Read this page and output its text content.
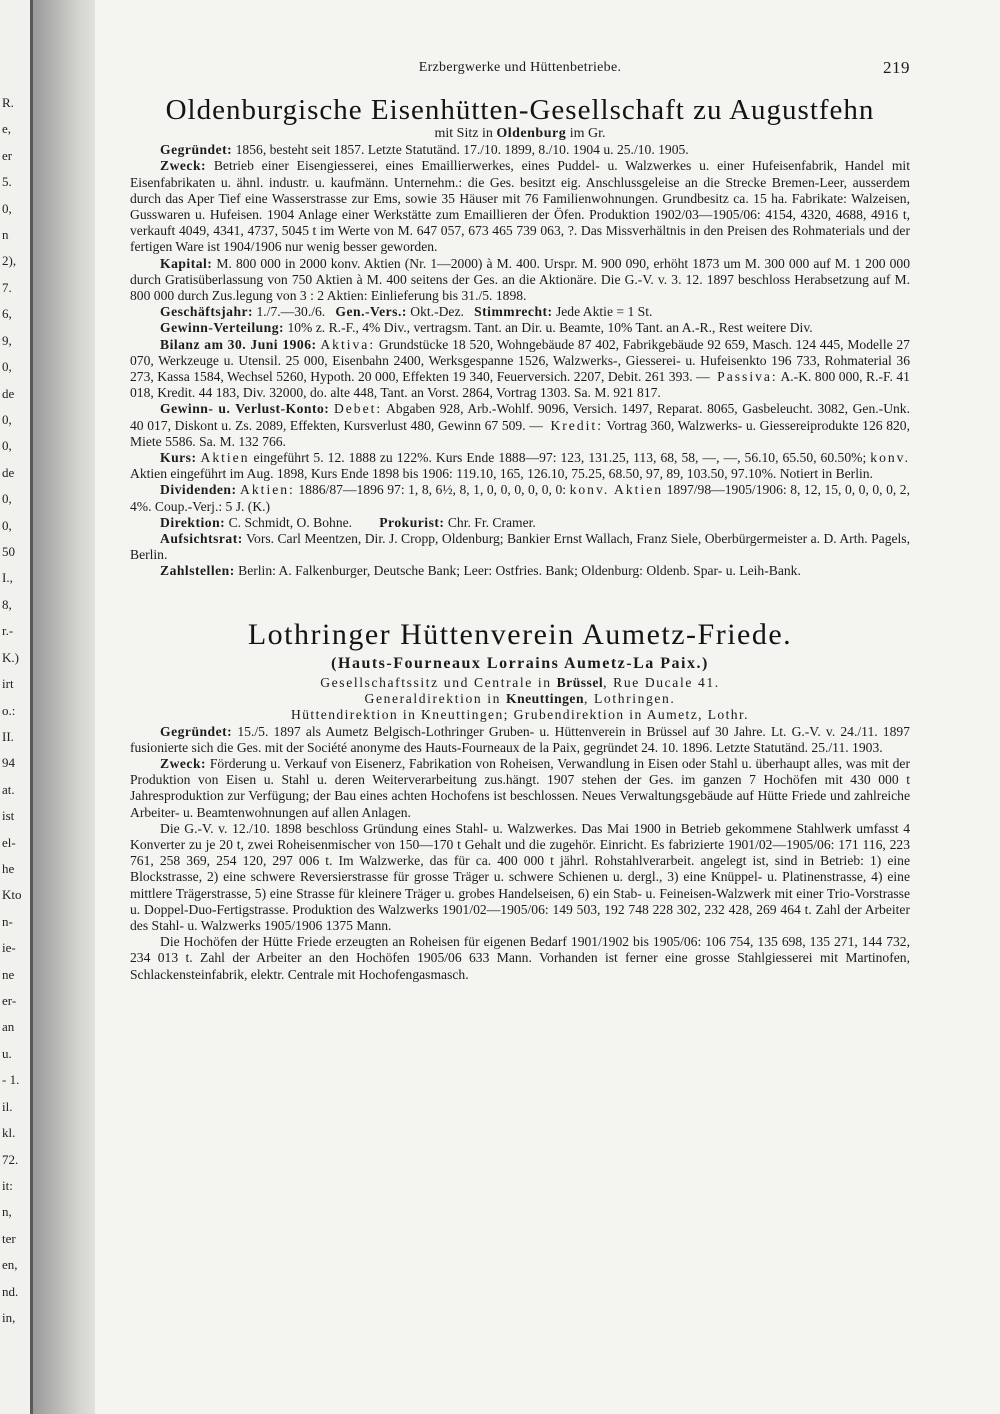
R.
e,
er
5.
0,
n
2),
7.
6,
9,
0,
de
0,
0,
de
0,
0,
50
I.,
8,
r.-
K.)
irt
o.:
II.
94
at.
ist
el-
he
Kto
n-
ie-
ne
er-
an
u.
- 1.
il.
kl.
72.
it:
n,
ter
en,
nd.
in,
Erzbergwerke und Hüttenbetriebe.	219
Oldenburgische Eisenhütten-Gesellschaft zu Augustfehn
mit Sitz in Oldenburg im Gr.

Gegründet: 1856, besteht seit 1857. Letzte Statutänd. 17./10. 1899, 8./10. 1904 u. 25./10. 1905.

Zweck: Betrieb einer Eisengiesserei, eines Emaillierwerkes, eines Puddel- u. Walzwerkes u. einer Hufeisenfabrik, Handel mit Eisenfabrikaten u. ähnl. industr. u. kaufmänn. Unternehm.: die Ges. besitzt eig. Anschlussgeleise an die Strecke Bremen-Leer, ausserdem durch das Aper Tief eine Wasserstrasse zur Ems, sowie 35 Häuser mit 76 Familienwohnungen. Grundbesitz ca. 15 ha. Fabrikate: Walzeisen, Gusswaren u. Hufeisen. 1904 Anlage einer Werkstätte zum Emaillieren der Öfen. Produktion 1902/03—1905/06: 4154, 4320, 4688, 4916 t, verkauft 4049, 4341, 4737, 5045 t im Werte von M. 647 057, 673 465 739 063, ?. Das Missverhältnis in den Preisen des Rohmaterials und der fertigen Ware ist 1904/1906 nur wenig besser geworden.

Kapital: M. 800 000 in 2000 konv. Aktien (Nr. 1—2000) à M. 400. Urspr. M. 900 090, erhöht 1873 um M. 300 000 auf M. 1 200 000 durch Gratisüberlassung von 750 Aktien à M. 400 seitens der Ges. an die Aktionäre. Die G.-V. v. 3. 12. 1897 beschloss Herabsetzung auf M. 800 000 durch Zus.legung von 3 : 2 Aktien: Einlieferung bis 31./5. 1898.

Geschäftsjahr: 1./7.—30./6. Gen.-Vers.: Okt.-Dez. Stimmrecht: Jede Aktie = 1 St.

Gewinn-Verteilung: 10% z. R.-F., 4% Div., vertragsm. Tant. an Dir. u. Beamte, 10% Tant. an A.-R., Rest weitere Div.

Bilanz am 30. Juni 1906: Aktiva: Grundstücke 18 520, Wohngebäude 87 402, Fabrikgebäude 92 659, Masch. 124 445, Modelle 27 070, Werkzeuge u. Utensil. 25 000, Eisenbahn 2400, Werksgespanne 1526, Walzwerks-, Giesserei- u. Hufeisenkto 196 733, Rohmaterial 36 273, Kassa 1584, Wechsel 5260, Hypoth. 20 000, Effekten 19 340, Feuerversich. 2207, Debit. 261 393. — Passiva: A.-K. 800 000, R.-F. 41 018, Kredit. 44 183, Div. 32000, do. alte 448, Tant. an Vorst. 2864, Vortrag 1303. Sa. M. 921 817.

Gewinn- u. Verlust-Konto: Debet: Abgaben 928, Arb.-Wohlf. 9096, Versich. 1497, Reparat. 8065, Gasbeleucht. 3082, Gen.-Unk. 40 017, Diskont u. Zs. 2089, Effekten, Kursverlust 480, Gewinn 67 509. — Kredit: Vortrag 360, Walzwerks- u. Giessereiprodukte 126 820, Miete 5586. Sa. M. 132 766.

Kurs: Aktien eingeführt 5. 12. 1888 zu 122%. Kurs Ende 1888—97: 123, 131.25, 113, 68, 58, —, —, 56.10, 65.50, 60.50%; konv. Aktien eingeführt im Aug. 1898, Kurs Ende 1898 bis 1906: 119.10, 165, 126.10, 75.25, 68.50, 97, 89, 103.50, 97.10%. Notiert in Berlin.

Dividenden: Aktien: 1886/87—1896 97: 1, 8, 6½, 8, 1, 0, 0, 0, 0, 0, 0: konv. Aktien 1897/98—1905/1906: 8, 12, 15, 0, 0, 0, 0, 2, 4%. Coup.-Verj.: 5 J. (K.)

Direktion: C. Schmidt, O. Bohne. Prokurist: Chr. Fr. Cramer.

Aufsichtsrat: Vors. Carl Meentzen, Dir. J. Cropp, Oldenburg; Bankier Ernst Wallach, Franz Siele, Oberbürgermeister a. D. Arth. Pagels, Berlin.

Zahlstellen: Berlin: A. Falkenburger, Deutsche Bank; Leer: Ostfries. Bank; Oldenburg: Oldenb. Spar- u. Leih-Bank.

Lothringer Hüttenverein Aumetz-Friede.
(Hauts-Fourneaux Lorrains Aumetz-La Paix.)
Gesellschaftssitz und Centrale in Brüssel, Rue Ducale 41.
Generaldirektion in Kneuttingen, Lothringen.
Hüttendirektion in Kneuttingen; Grubendirektion in Aumetz, Lothr.

Gegründet: 15./5. 1897 als Aumetz Belgisch-Lothringer Gruben- u. Hüttenverein in Brüssel auf 30 Jahre. Lt. G.-V. v. 24./11. 1897 fusionierte sich die Ges. mit der Société anonyme des Hauts-Fourneaux de la Paix, gegründet 24. 10. 1896. Letzte Statutänd. 25./11. 1903.

Zweck: Förderung u. Verkauf von Eisenerz, Fabrikation von Roheisen, Verwandlung in Eisen oder Stahl u. überhaupt alles, was mit der Produktion von Eisen u. Stahl u. deren Weiterverarbeitung zus.hängt. 1907 stehen der Ges. im ganzen 7 Hochöfen mit 430 000 t Jahresproduktion zur Verfügung; der Bau eines achten Hochofens ist beschlossen. Neues Verwaltungsgebäude auf Hütte Friede und zahlreiche Arbeiter- u. Beamtenwohnungen auf allen Anlagen.

Die G.-V. v. 12./10. 1898 beschloss Gründung eines Stahl- u. Walzwerkes. Das Mai 1900 in Betrieb gekommene Stahlwerk umfasst 4 Konverter zu je 20 t, zwei Roheisenmischer von 150—170 t Gehalt und die zugehör. Einricht. Es fabrizierte 1901/02—1905/06: 171 116, 223 761, 258 369, 254 120, 297 006 t. Im Walzwerke, das für ca. 400 000 t jährl. Rohstahlverarbeit. angelegt ist, sind in Betrieb: 1) eine Blockstrasse, 2) eine schwere Reversierstrasse für grosse Träger u. schwere Schienen u. dergl., 3) eine Knüppel- u. Platinenstrasse, 4) eine mittlere Trägerstrasse, 5) eine Strasse für kleinere Träger u. grobes Handelseisen, 6) ein Stab- u. Feineisen-Walzwerk mit einer Trio-Vorstrasse u. Doppel-Duo-Fertigstrasse. Produktion des Walzwerks 1901/02—1905/06: 149 503, 192 748 228 302, 232 428, 269 464 t. Zahl der Arbeiter des Stahl- u. Walzwerks 1905/1906 1375 Mann.

Die Hochöfen der Hütte Friede erzeugten an Roheisen für eigenen Bedarf 1901/1902 bis 1905/06: 106 754, 135 698, 135 271, 144 732, 234 013 t. Zahl der Arbeiter an den Hochöfen 1905/06 633 Mann. Vorhanden ist ferner eine grosse Stahlgiesserei mit Martinofen, Schlackensteinfabrik, elektr. Centrale mit Hochofengasmasch.
